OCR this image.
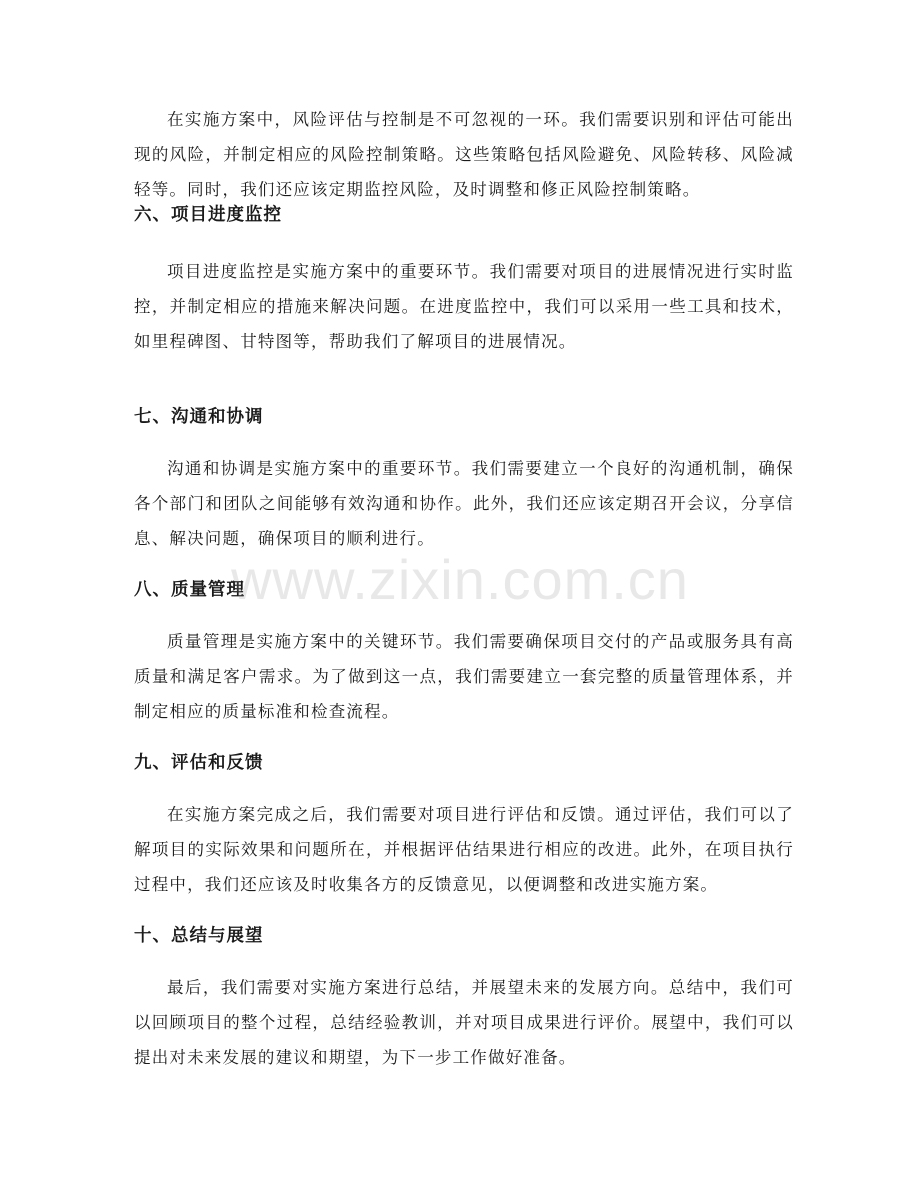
在实施方案中，风险评估与控制是不可忽视的一环。我们需要识别和评估可能出现的风险，并制定相应的风险控制策略。这些策略包括风险避免、风险转移、风险减轻等。同时，我们还应该定期监控风险，及时调整和修正风险控制策略。

六、项目进度监控

项目进度监控是实施方案中的重要环节。我们需要对项目的进展情况进行实时监控，并制定相应的措施来解决问题。在进度监控中，我们可以采用一些工具和技术，如里程碑图、甘特图等，帮助我们了解项目的进展情况。

七、沟通和协调

沟通和协调是实施方案中的重要环节。我们需要建立一个良好的沟通机制，确保各个部门和团队之间能够有效沟通和协作。此外，我们还应该定期召开会议，分享信息、解决问题，确保项目的顺利进行。

八、质量管理

质量管理是实施方案中的关键环节。我们需要确保项目交付的产品或服务具有高质量和满足客户需求。为了做到这一点，我们需要建立一套完整的质量管理体系，并制定相应的质量标准和检查流程。

九、评估和反馈

在实施方案完成之后，我们需要对项目进行评估和反馈。通过评估，我们可以了解项目的实际效果和问题所在，并根据评估结果进行相应的改进。此外，在项目执行过程中，我们还应该及时收集各方的反馈意见，以便调整和改进实施方案。

十、总结与展望

最后，我们需要对实施方案进行总结，并展望未来的发展方向。总结中，我们可以回顾项目的整个过程，总结经验教训，并对项目成果进行评价。展望中，我们可以提出对未来发展的建议和期望，为下一步工作做好准备。

www.zixin.com.cn
